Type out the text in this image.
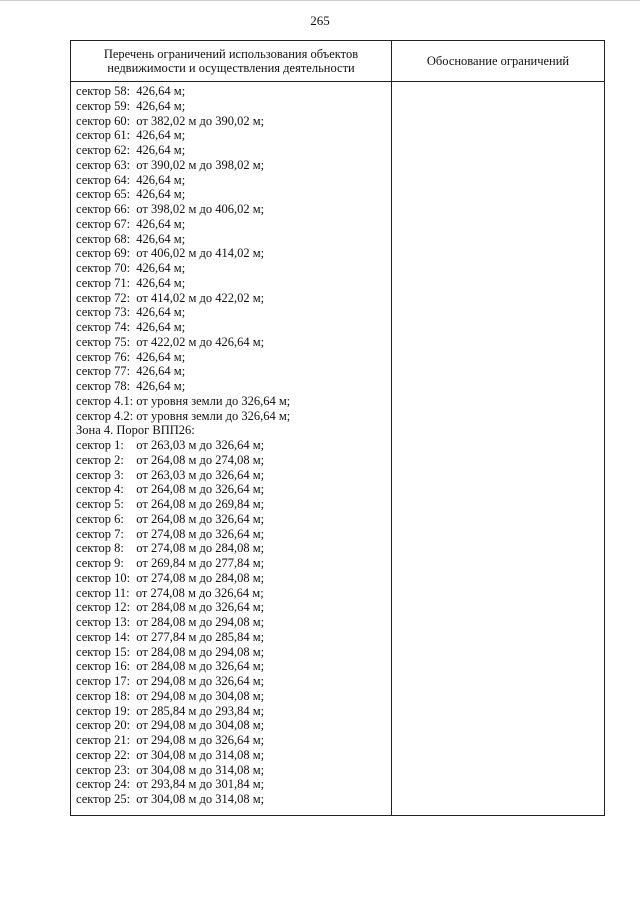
265
Перечень ограничений использования объектов
недвижимости и осуществления деятельности
Обоснование ограничений
сектор 58:  426,64 м;
сектор 59:  426,64 м;
сектор 60:  от 382,02 м до 390,02 м;
сектор 61:  426,64 м;
сектор 62:  426,64 м;
сектор 63:  от 390,02 м до 398,02 м;
сектор 64:  426,64 м;
сектор 65:  426,64 м;
сектор 66:  от 398,02 м до 406,02 м;
сектор 67:  426,64 м;
сектор 68:  426,64 м;
сектор 69:  от 406,02 м до 414,02 м;
сектор 70:  426,64 м;
сектор 71:  426,64 м;
сектор 72:  от 414,02 м до 422,02 м;
сектор 73:  426,64 м;
сектор 74:  426,64 м;
сектор 75:  от 422,02 м до 426,64 м;
сектор 76:  426,64 м;
сектор 77:  426,64 м;
сектор 78:  426,64 м;
сектор 4.1: от уровня земли до 326,64 м;
сектор 4.2: от уровня земли до 326,64 м;
Зона 4. Порог ВПП26:
сектор 1:    от 263,03 м до 326,64 м;
сектор 2:    от 264,08 м до 274,08 м;
сектор 3:    от 263,03 м до 326,64 м;
сектор 4:    от 264,08 м до 326,64 м;
сектор 5:    от 264,08 м до 269,84 м;
сектор 6:    от 264,08 м до 326,64 м;
сектор 7:    от 274,08 м до 326,64 м;
сектор 8:    от 274,08 м до 284,08 м;
сектор 9:    от 269,84 м до 277,84 м;
сектор 10:  от 274,08 м до 284,08 м;
сектор 11:  от 274,08 м до 326,64 м;
сектор 12:  от 284,08 м до 326,64 м;
сектор 13:  от 284,08 м до 294,08 м;
сектор 14:  от 277,84 м до 285,84 м;
сектор 15:  от 284,08 м до 294,08 м;
сектор 16:  от 284,08 м до 326,64 м;
сектор 17:  от 294,08 м до 326,64 м;
сектор 18:  от 294,08 м до 304,08 м;
сектор 19:  от 285,84 м до 293,84 м;
сектор 20:  от 294,08 м до 304,08 м;
сектор 21:  от 294,08 м до 326,64 м;
сектор 22:  от 304,08 м до 314,08 м;
сектор 23:  от 304,08 м до 314,08 м;
сектор 24:  от 293,84 м до 301,84 м;
сектор 25:  от 304,08 м до 314,08 м;
